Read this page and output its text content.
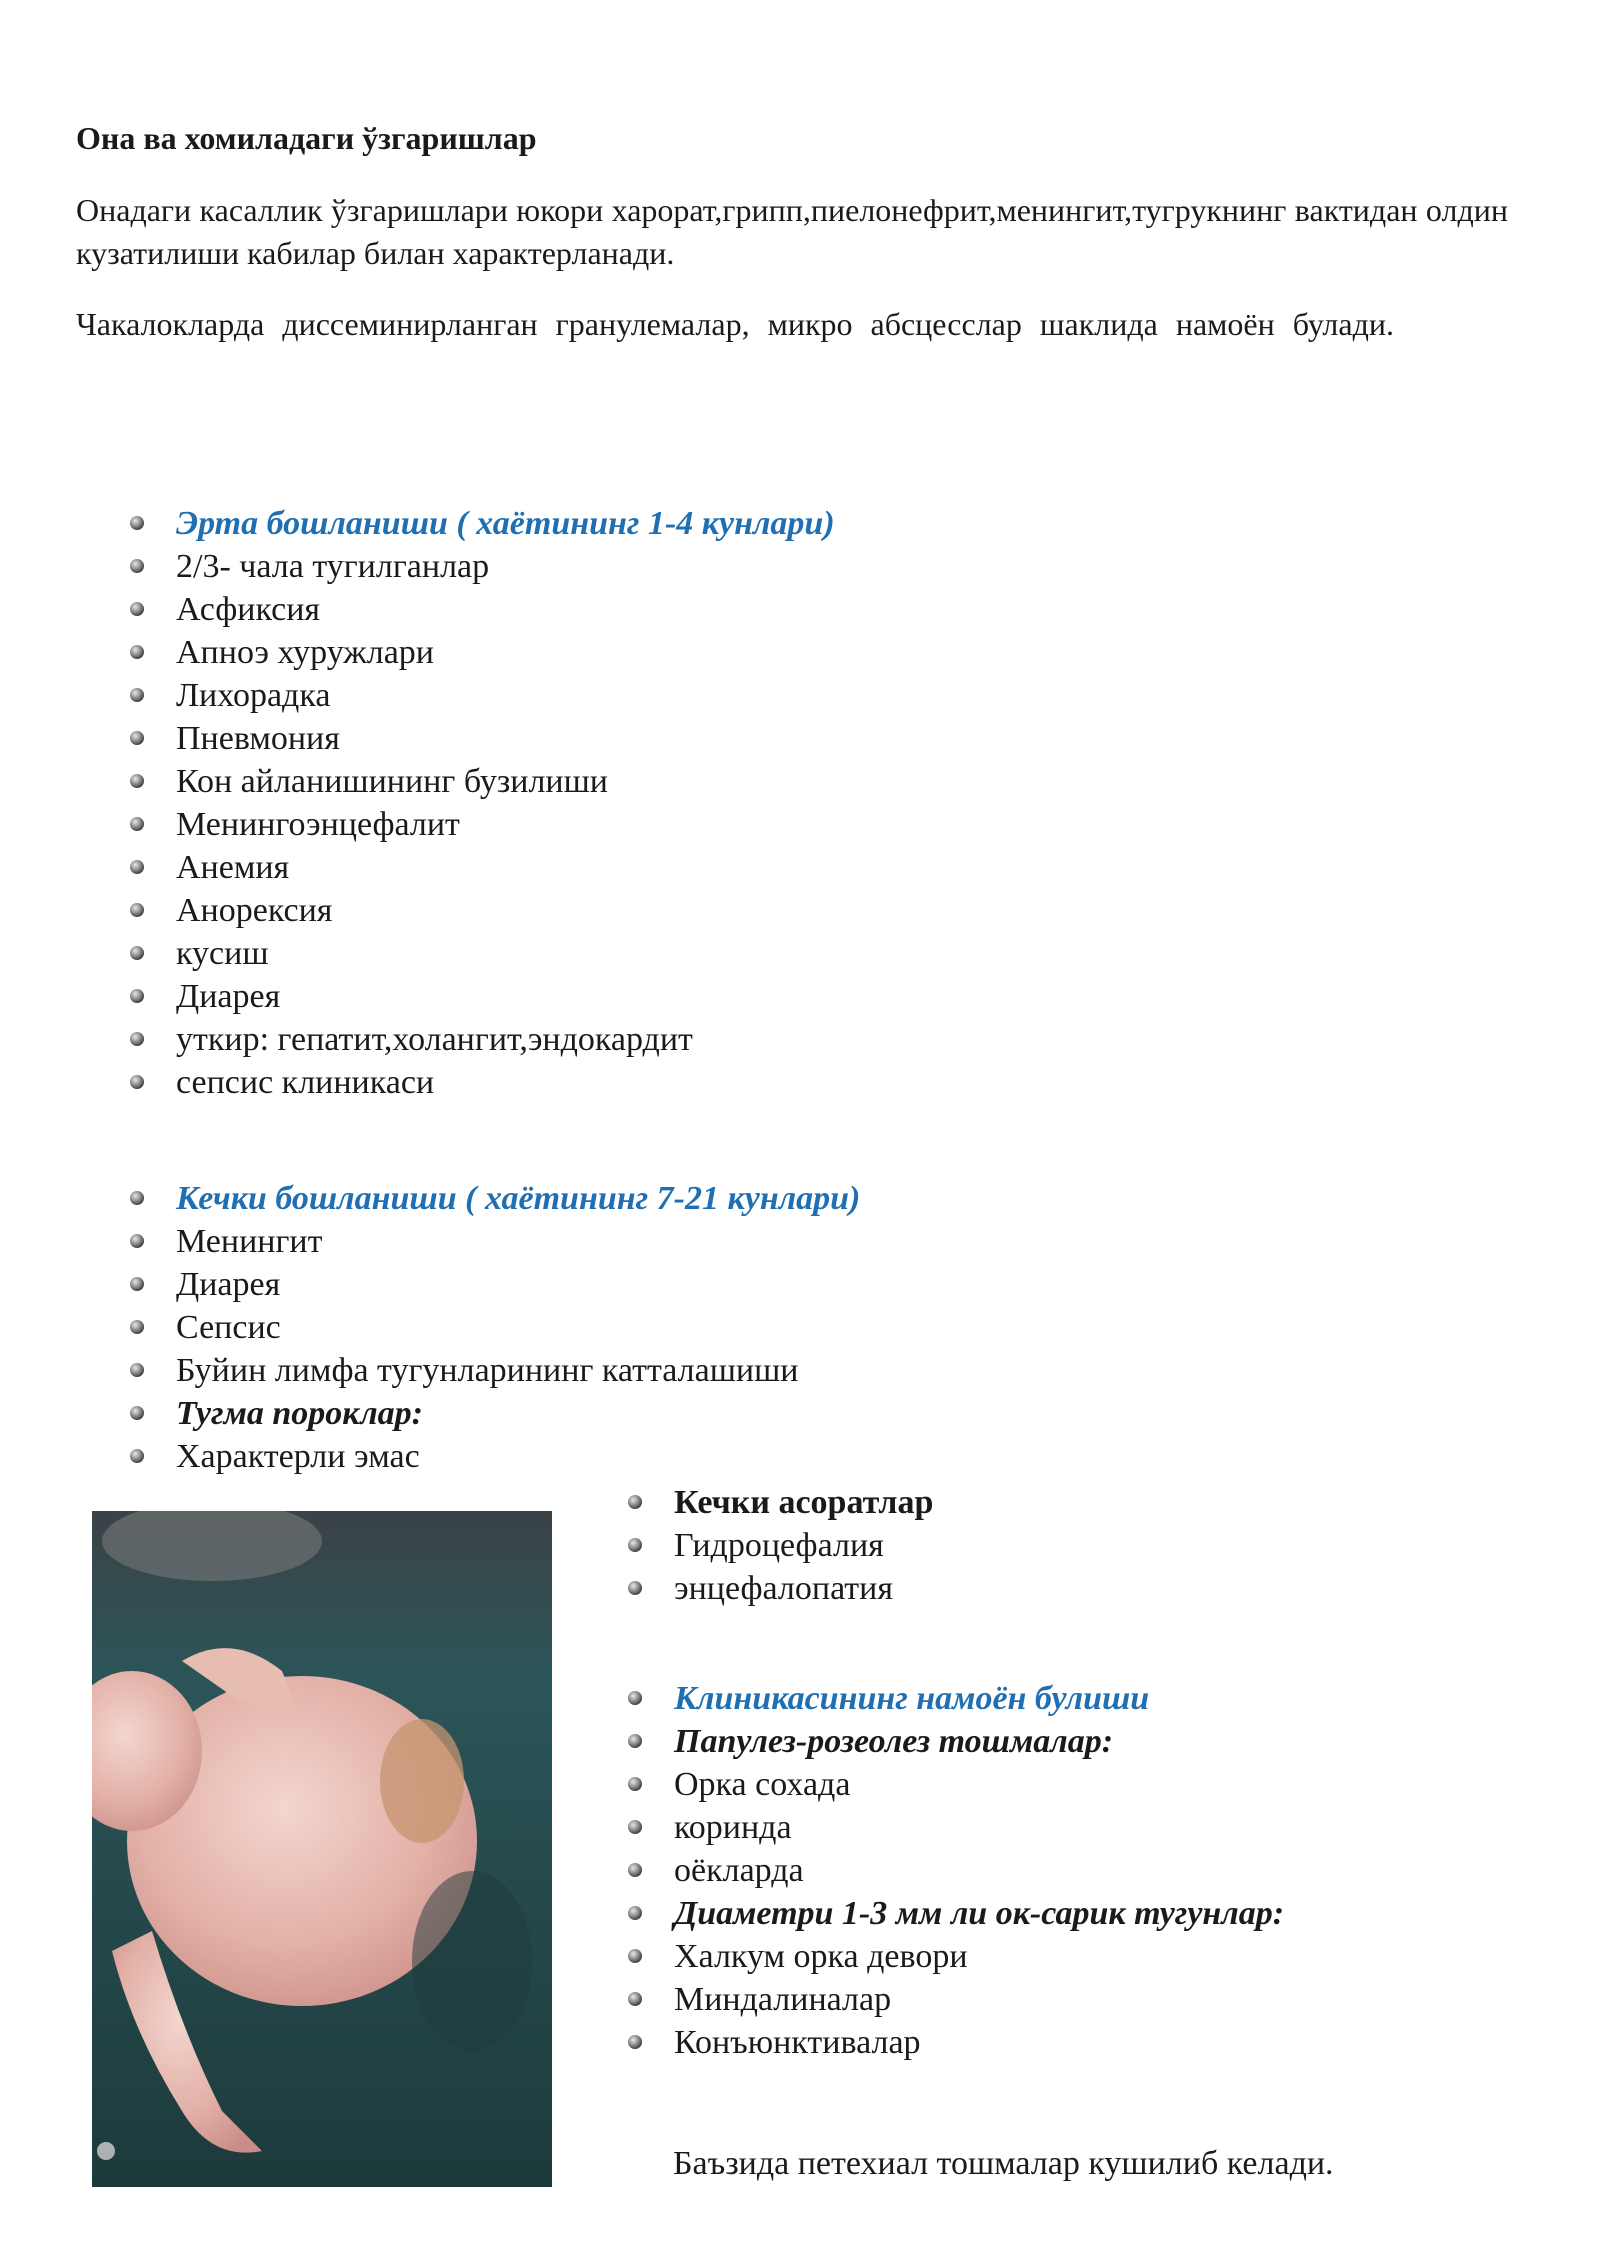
Она ва хомиладаги ўзгаришлар

Онадаги касаллик ўзгаришлари юкори харорат,грипп,пиелонефрит,менингит,тугрукнинг вактидан олдин кузатилиши кабилар билан характерланади.

Чакалокларда диссеминирланган гранулемалар, микро абсцесслар шаклида намоён булади.

Эрта бошланиши ( хаётининг 1-4 кунлари)
2/3- чала тугилганлар
Асфиксия
Апноэ хуружлари
Лихорадка
Пневмония
Кон айланишининг бузилиши
Менингоэнцефалит
Анемия
Анорексия
кусиш
Диарея
уткир: гепатит,холангит,эндокардит
сепсис клиникаси
Кечки бошланиши ( хаётининг 7-21 кунлари)
Менингит
Диарея
Сепсис
Буйин лимфа тугунларининг катталашиши
Тугма пороклар:
Характерли эмас
Кечки асоратлар
Гидроцефалия
энцефалопатия
Клиникасининг намоён булиши
Папулез-розеолез тошмалар:
Орка сохада
коринда
оёкларда
Диаметри 1-3 мм ли ок-сарик тугунлар:
Халкум орка девори
Миндалиналар
Конъюнктивалар

Баъзида петехиал тошмалар кушилиб келади.
